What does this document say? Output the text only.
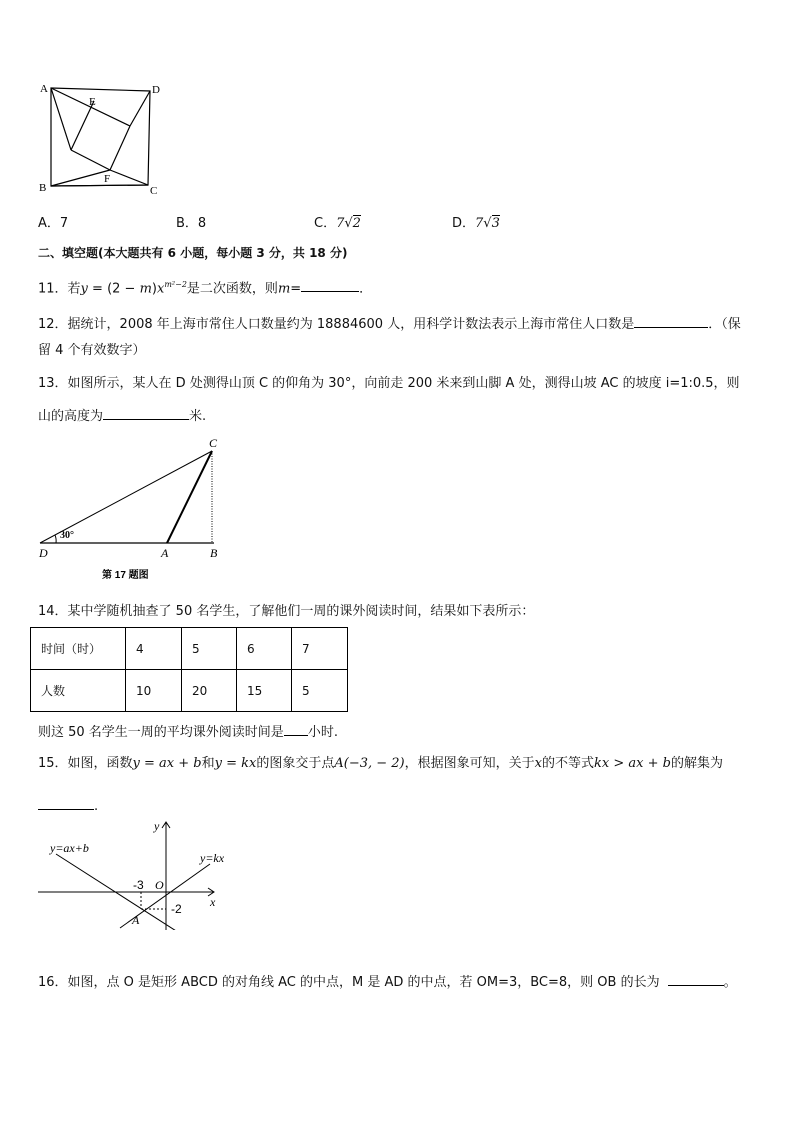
A	D
B	C
E
F
A．7	B．8	C．7√2	D．7√3
二、填空题(本大题共有 6 小题，每小题 3 分，共 18 分)
11．若$y = (2 - m)x^{m^2-2}$是二次函数，则m=	．
12．据统计，2008 年上海市常住人口数量约为 18884600 人，用科学计数法表示上海市常住人口数是	．（保
留 4 个有效数字）
13．如图所示，某人在 D 处测得山顶 C 的仰角为 30°，向前走 200 米来到山脚 A 处，测得山坡 AC 的坡度 i=1:0.5，则
山的高度为	米.
30°
C
D	A	B
第 17 题图
14．某中学随机抽查了 50 名学生，了解他们一周的课外阅读时间，结果如下表所示：
时间（时）	4	5	6	7
人数	10	20	15	5
则这 50 名学生一周的平均课外阅读时间是 小时.
15．如图，函数y = ax + b和y = kx的图象交于点A(−3, − 2)，根据图象可知，关于x的不等式kx > ax + b的解集为
.
y=ax+b
y=kx
y
x
O
-3
-2
A
16．如图，点 O 是矩形 ABCD 的对角线 AC 的中点，M 是 AD 的中点，若 OM=3，BC=8，则 OB 的长为	。
